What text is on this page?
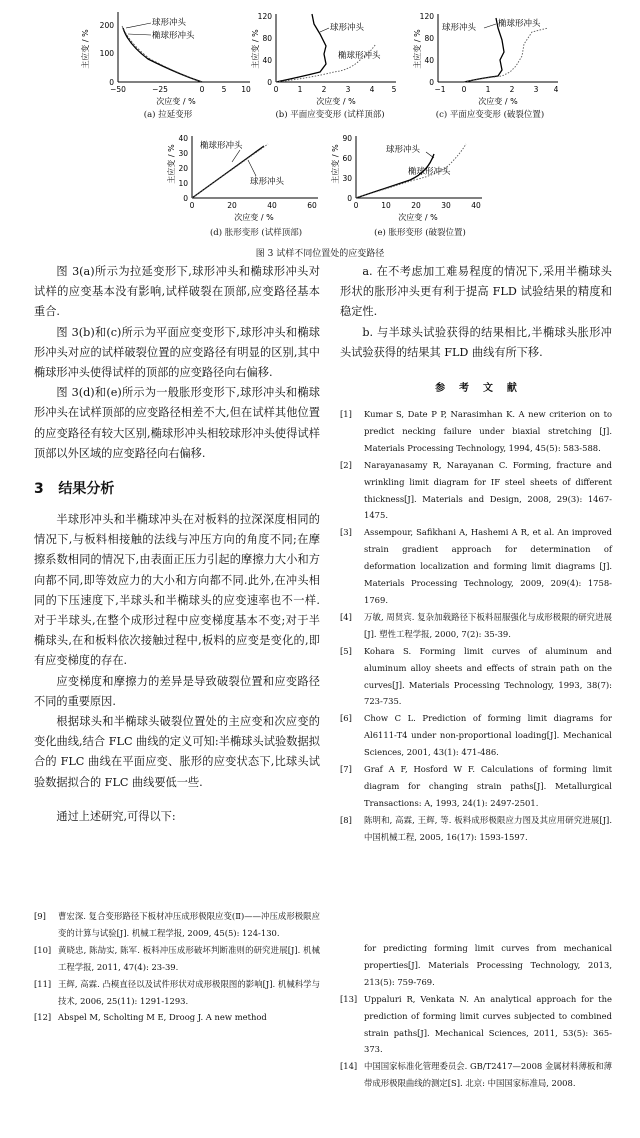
主应变 / %
0
100
200
−50	−25	0 5 10
球形冲头
椭球形冲头
次应变 / %
(a) 拉延变形
主应变 / %
0
40
80
120
0	1	2	3	4 5
球形冲头
椭球形冲头
次应变 / %
(b) 平面应变变形 (试样顶部)
主应变 / %
0
40
80
120
−1 0	1	2	3 4
球形冲头	椭球形冲头
次应变 / %
(c) 平面应变变形 (破裂位置)
主应变 / %
0
10
20
30
40
0	20	40	60
椭球形冲头
球形冲头
次应变 / %
(d) 胀形变形 (试样顶部)
主应变 / %
0
30
60
90
0	10	20	30	40
球形冲头
椭球形冲头
次应变 / %
(e) 胀形变形 (破裂位置)
图 3 试样不同位置处的应变路径

图 3(a)所示为拉延变形下,球形冲头和椭球形冲头对试样的应变基本没有影响,试样破裂在顶部,应变路径基本重合.

图 3(b)和(c)所示为平面应变变形下,球形冲头和椭球形冲头对应的试样破裂位置的应变路径有明显的区别,其中椭球形冲头使得试样的顶部的应变路径向右偏移.

图 3(d)和(e)所示为一般胀形变形下,球形冲头和椭球形冲头在试样顶部的应变路径相差不大,但在试样其他位置的应变路径有较大区别,椭球形冲头相较球形冲头使得试样顶部以外区域的应变路径向右偏移.

3   结果分析

半球形冲头和半椭球冲头在对板料的拉深深度相同的情况下,与板料相接触的法线与冲压方向的角度不同;在摩擦系数相同的情况下,由表面正压力引起的摩擦力大小和方向都不同,即等效应力的大小和方向都不同.此外,在冲头相同的下压速度下,半球头和半椭球头的应变速率也不一样.对于半球头,在整个成形过程中应变梯度基本不变;对于半椭球头,在和板料依次接触过程中,板料的应变是变化的,即有应变梯度的存在.

应变梯度和摩擦力的差异是导致破裂位置和应变路径不同的重要原因.

根据球头和半椭球头破裂位置处的主应变和次应变的变化曲线,结合 FLC 曲线的定义可知:半椭球头试验数据拟合的 FLC 曲线在平面应变、胀形的应变状态下,比球头试验数据拟合的 FLC 曲线要低一些.

通过上述研究,可得以下:

[9]	曹宏深. 复合变形路径下板材冲压成形极限应变(Ⅱ)——冲压成形极限应变的计算与试验[J]. 机械工程学报, 2009, 45(5): 124-130.
[10] 黄晓忠, 陈劼实, 陈军. 板料冲压成形破坏判断准则的研究进展[J]. 机械工程学报, 2011, 47(4): 23-39.
[11] 王辉, 高霖. 凸模直径以及试件形状对成形极限图的影响[J]. 机械科学与技术, 2006, 25(11): 1291-1293.
[12] Abspel M, Scholting M E, Droog J. A new method

a. 在不考虑加工难易程度的情况下,采用半椭球头形状的胀形冲头更有利于提高 FLD 试验结果的精度和稳定性.

b. 与半球头试验获得的结果相比,半椭球头胀形冲头试验获得的结果其 FLD 曲线有所下移.

参    考    文    献
[1]	Kumar S, Date P P, Narasimhan K. A new criterion on to predict necking failure under biaxial stretching [J]. Materials Processing Technology, 1994, 45(5): 583-588.
[2]	Narayanasamy R, Narayanan C. Forming, fracture and wrinkling limit diagram for IF steel sheets of different thickness[J]. Materials and Design, 2008, 29(3): 1467-1475.
[3]	Assempour, Safikhani A, Hashemi A R, et al. An improved strain gradient approach for determination of deformation localization and forming limit diagrams [J]. Materials Processing Technology, 2009, 209(4): 1758-1769.
[4]	万敏, 周贤宾. 复杂加载路径下板料屈服强化与成形极限的研究进展[J]. 塑性工程学报, 2000, 7(2): 35-39.
[5]	Kohara S. Forming limit curves of aluminum and aluminum alloy sheets and effects of strain path on the curves[J]. Materials Processing Technology, 1993, 38(7): 723-735.
[6]	Chow C L. Prediction of forming limit diagrams for Al6111-T4 under non-proportional loading[J]. Mechanical Sciences, 2001, 43(1): 471-486.
[7]	Graf A F, Hosford W F. Calculations of forming limit diagram for changing strain paths[J]. Metallurgical Transactions: A, 1993, 24(1): 2497-2501.
[8]	陈明和, 高霖, 王辉, 等. 板料成形极限应力图及其应用研究进展[J]. 中国机械工程, 2005, 16(17): 1593-1597.
for predicting forming limit curves from mechanical properties[J]. Materials Processing Technology, 2013, 213(5): 759-769.
[13] Uppaluri R, Venkata N. An analytical approach for the prediction of forming limit curves subjected to combined strain paths[J]. Mechanical Sciences, 2011, 53(5): 365-373.
[14] 中国国家标准化管理委员会. GB/T2417—2008 金属材料薄板和薄带成形极限曲线的测定[S]. 北京: 中国国家标准局, 2008.
